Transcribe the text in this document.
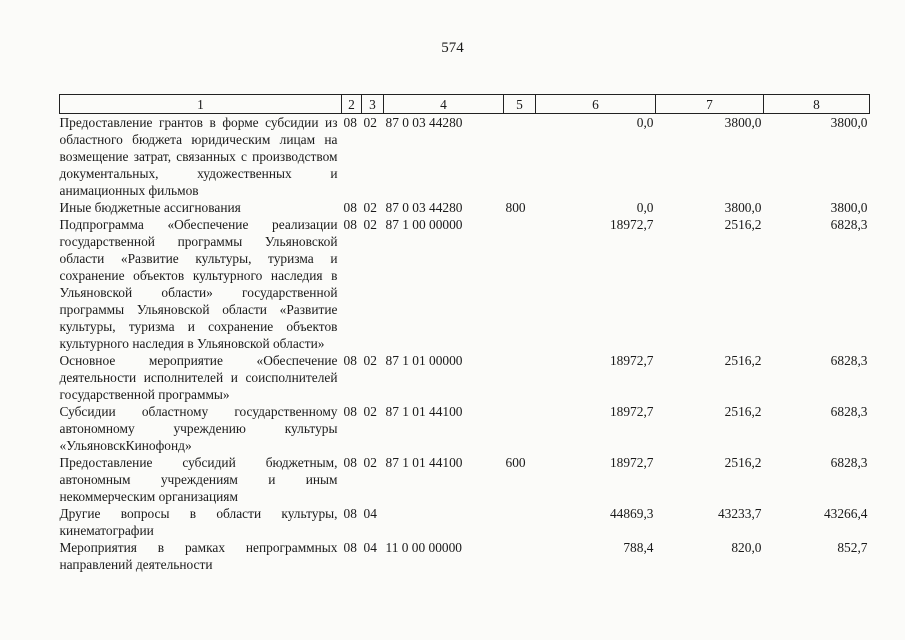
574
1	2	3	4	5	6	7	8
Предоставление грантов в форме субсидии из областного бюджета юридическим лицам на возмещение затрат, связанных с производством документальных, художественных и анимационных фильмов	08	02	87 0 03 44280		0,0	3800,0	3800,0
Иные бюджетные ассигнования	08	02	87 0 03 44280	800	0,0	3800,0	3800,0
Подпрограмма «Обеспечение реализации государственной программы Ульяновской области «Развитие культуры, туризма и сохранение объектов культурного наследия в Ульяновской области» государственной программы Ульяновской области «Развитие культуры, туризма и сохранение объектов культурного наследия в Ульяновской области»	08	02	87 1 00 00000		18972,7	2516,2	6828,3
Основное мероприятие «Обеспечение деятельности исполнителей и соисполнителей государственной программы»	08	02	87 1 01 00000		18972,7	2516,2	6828,3
Субсидии областному государственному автономному учреждению культуры «УльяновскКинофонд»	08	02	87 1 01 44100		18972,7	2516,2	6828,3
Предоставление субсидий бюджетным, автономным учреждениям и иным некоммерческим организациям	08	02	87 1 01 44100	600	18972,7	2516,2	6828,3
Другие вопросы в области культуры, кинематографии	08	04			44869,3	43233,7	43266,4
Мероприятия в рамках непрограммных направлений деятельности	08	04	11 0 00 00000		788,4	820,0	852,7
